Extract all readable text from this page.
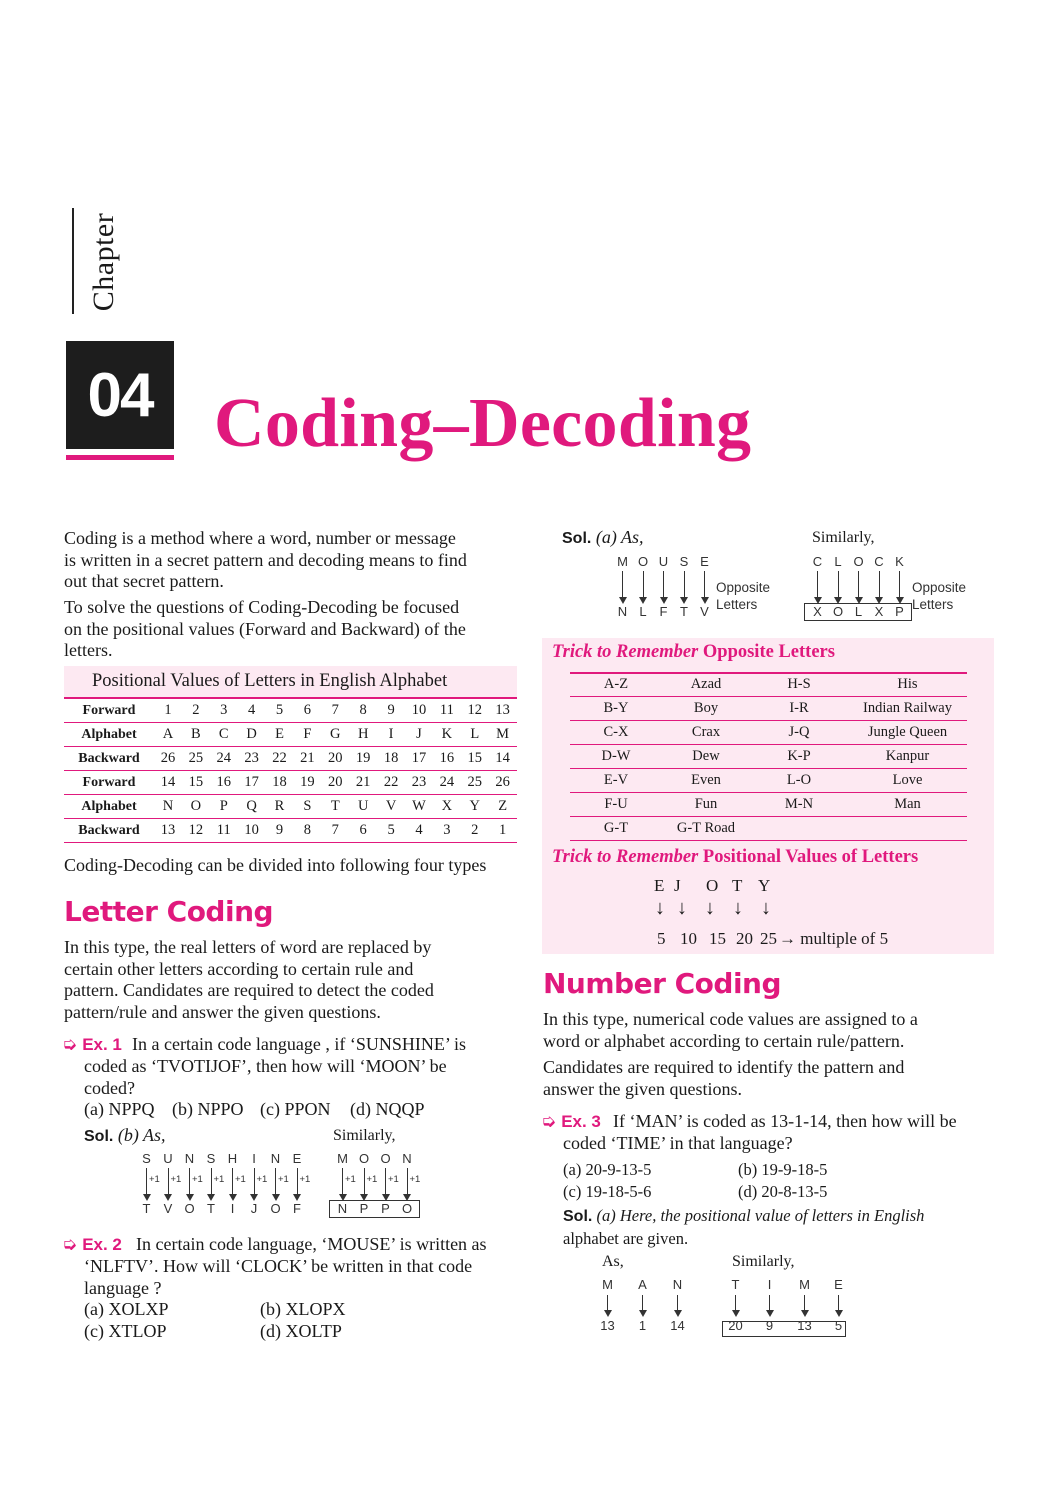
Chapter
04 Coding–Decoding
Coding is a method where a word, number or message
is written in a secret pattern and decoding means to find
out that secret pattern.
To solve the questions of Coding-Decoding be focused
on the positional values (Forward and Backward) of the
letters.
Positional Values of Letters in English Alphabet
Forward	1	2	3	4	5	6	7	8	9	10 11 12 13
Alphabet	A	B	C	D	E	F	G	H	I	J	K	L	M
Backward	26 25 24 23 22 21 20 19 18 17 16 15 14
Forward	14 15 16 17 18 19 20 21 22 23 24 25 26
Alphabet	N	O	P	Q	R	S	T	U	V	W	X	Y	Z
Backward	13 12 11 10	9	8	7	6	5	4	3	2	1
Coding-Decoding can be divided into following four types
Letter Coding
In this type, the real letters of word are replaced by
certain other letters according to certain rule and
pattern. Candidates are required to detect the coded
pattern/rule and answer the given questions.
➭ Ex. 1 In a certain code language , if ‘SUNSHINE’ is
coded as ‘TVOTIJOF’, then how will ‘MOON’ be
coded?
(a) NPPQ (b) NPPO (c) PPON (d) NQQP
Sol. (b) As,	Similarly,
S
+1
T
U
+1
V
N
+1
O
S
+1
T
H
+1
I
I
+1
J
N
+1
O
E
+1
F
M
+1
N
O
+1
P
O
+1
P
N
+1
O
➭ Ex. 2 In certain code language, ‘MOUSE’ is written as
‘NLFTV’. How will ‘CLOCK’ be written in that code
language ?
(a) XOLXP	(b) XLOPX
(c) XTLOP	(d) XOLTP
Sol. (a) As,	Similarly,
M
N
O
L
U
F
S
T
E
V
C
X
L
O
O
L
C
X
K
P
Opposite
Letters
Opposite
Letters
Trick to Remember Opposite Letters
A-Z	Azad	H-S	His
B-Y	Boy	I-R	Indian Railway
C-X	Crax	J-Q	Jungle Queen
D-W	Dew	K-P	Kanpur
E-V	Even	L-O	Love
F-U	Fun	M-N	Man
G-T	G-T Road
Trick to Remember Positional Values of Letters
E
↓
J
↓
O
↓
T
↓
Y
↓
5 10 15 20 25 → multiple of 5
Number Coding
In this type, numerical code values are assigned to a
word or alphabet according to certain rule/pattern.
Candidates are required to identify the pattern and
answer the given questions.
➭ Ex. 3 If ‘MAN’ is coded as 13-1-14, then how will be
coded ‘TIME’ in that language?
(a) 20-9-13-5	(b) 19-9-18-5
(c) 19-18-5-6	(d) 20-8-13-5
Sol. (a) Here, the positional value of letters in English
alphabet are given.
As,	Similarly,
M
13
A
1
N
14
T
20
I
9
M
13
E
5
